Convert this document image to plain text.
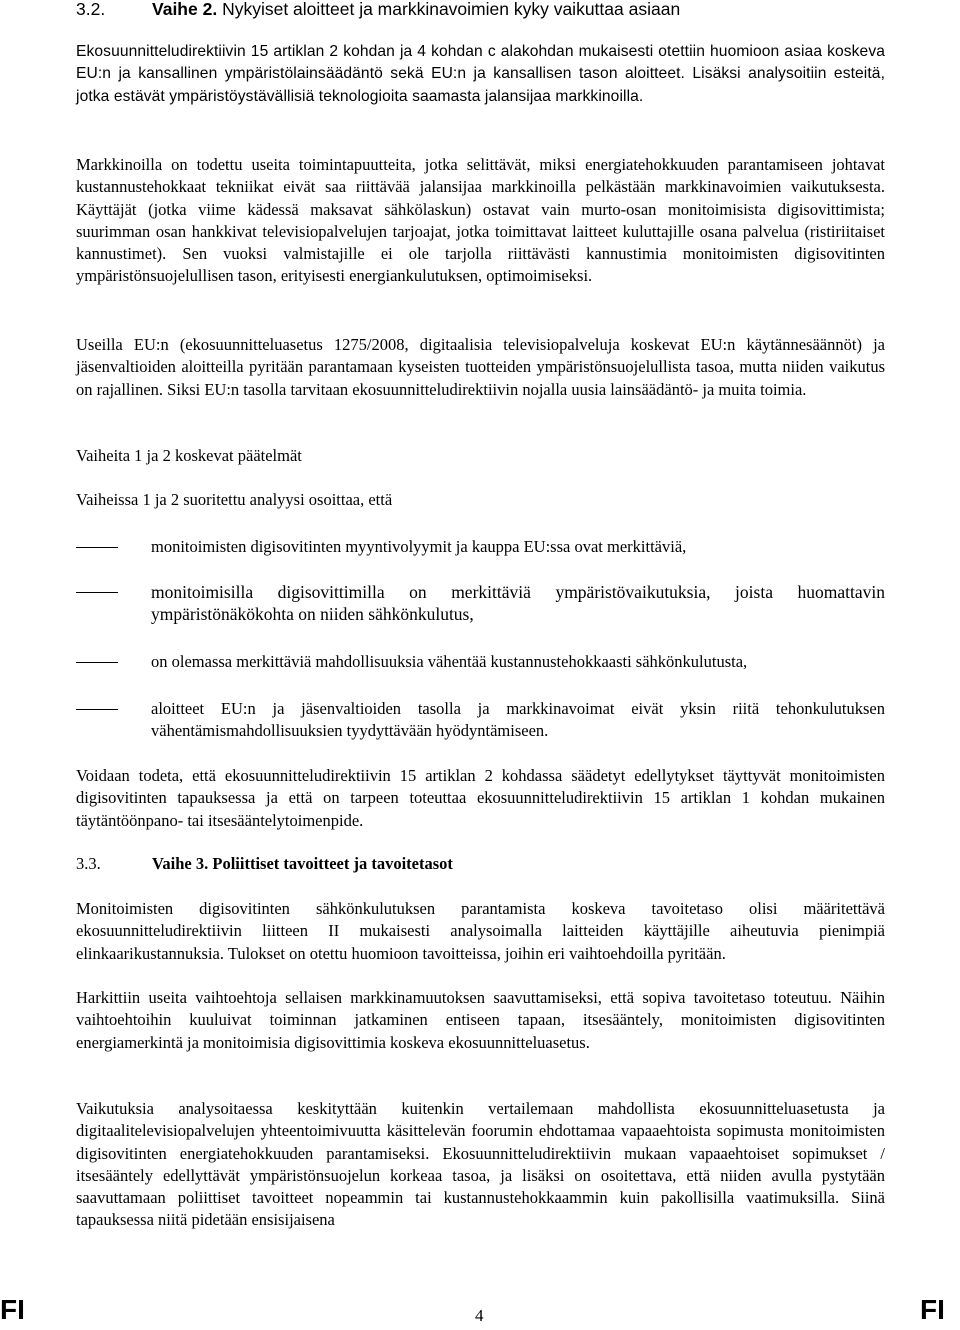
3.2.	Vaihe 2. Nykyiset aloitteet ja markkinavoimien kyky vaikuttaa asiaan

Ekosuunnitteludirektiivin 15 artiklan 2 kohdan ja 4 kohdan c alakohdan mukaisesti otettiin huomioon asiaa koskeva EU:n ja kansallinen ympäristölainsäädäntö sekä EU:n ja kansallisen tason aloitteet. Lisäksi analysoitiin esteitä, jotka estävät ympäristöystävällisiä teknologioita saamasta jalansijaa markkinoilla.

Markkinoilla on todettu useita toimintapuutteita, jotka selittävät, miksi energiatehokkuuden parantamiseen johtavat kustannustehokkaat tekniikat eivät saa riittävää jalansijaa markkinoilla pelkästään markkinavoimien vaikutuksesta. Käyttäjät (jotka viime kädessä maksavat sähkölaskun) ostavat vain murto-osan monitoimisista digisovittimista; suurimman osan hankkivat televisiopalvelujen tarjoajat, jotka toimittavat laitteet kuluttajille osana palvelua (ristiriitaiset kannustimet). Sen vuoksi valmistajille ei ole tarjolla riittävästi kannustimia monitoimisten digisovitinten ympäristönsuojelullisen tason, erityisesti energiankulutuksen, optimoimiseksi.

Useilla EU:n (ekosuunnitteluasetus 1275/2008, digitaalisia televisiopalveluja koskevat EU:n käytännesäännöt) ja jäsenvaltioiden aloitteilla pyritään parantamaan kyseisten tuotteiden ympäristönsuojelullista tasoa, mutta niiden vaikutus on rajallinen. Siksi EU:n tasolla tarvitaan ekosuunnitteludirektiivin nojalla uusia lainsäädäntö- ja muita toimia.

Vaiheita 1 ja 2 koskevat päätelmät

Vaiheissa 1 ja 2 suoritettu analyysi osoittaa, että

monitoimisten digisovitinten myyntivolyymit ja kauppa EU:ssa ovat merkittäviä,
monitoimisilla digisovittimilla on merkittäviä ympäristövaikutuksia, joista huomattavin ympäristönäkökohta on niiden sähkönkulutus,
on olemassa merkittäviä mahdollisuuksia vähentää kustannustehokkaasti sähkönkulutusta,
aloitteet EU:n ja jäsenvaltioiden tasolla ja markkinavoimat eivät yksin riitä tehonkulutuksen vähentämismahdollisuuksien tyydyttävään hyödyntämiseen.

Voidaan todeta, että ekosuunnitteludirektiivin 15 artiklan 2 kohdassa säädetyt edellytykset täyttyvät monitoimisten digisovitinten tapauksessa ja että on tarpeen toteuttaa ekosuunnitteludirektiivin 15 artiklan 1 kohdan mukainen täytäntöönpano- tai itsesääntelytoimenpide.

3.3.	Vaihe 3. Poliittiset tavoitteet ja tavoitetasot

Monitoimisten digisovitinten sähkönkulutuksen parantamista koskeva tavoitetaso olisi määritettävä ekosuunnitteludirektiivin liitteen II mukaisesti analysoimalla laitteiden käyttäjille aiheutuvia pienimpiä elinkaarikustannuksia. Tulokset on otettu huomioon tavoitteissa, joihin eri vaihtoehdoilla pyritään.

Harkittiin useita vaihtoehtoja sellaisen markkinamuutoksen saavuttamiseksi, että sopiva tavoitetaso toteutuu. Näihin vaihtoehtoihin kuuluivat toiminnan jatkaminen entiseen tapaan, itsesääntely, monitoimisten digisovitinten energiamerkintä ja monitoimisia digisovittimia koskeva ekosuunnitteluasetus.

Vaikutuksia analysoitaessa keskityttään kuitenkin vertailemaan mahdollista ekosuunnitteluasetusta ja digitaalitelevisiopalvelujen yhteentoimivuutta käsittelevän foorumin ehdottamaa vapaaehtoista sopimusta monitoimisten digisovitinten energiatehokkuuden parantamiseksi. Ekosuunnitteludirektiivin mukaan vapaaehtoiset sopimukset / itsesääntely edellyttävät ympäristönsuojelun korkeaa tasoa, ja lisäksi on osoitettava, että niiden avulla pystytään saavuttamaan poliittiset tavoitteet nopeammin tai kustannustehokkaammin kuin pakollisilla vaatimuksilla. Siinä tapauksessa niitä pidetään ensisijaisena

FI	4	FI
